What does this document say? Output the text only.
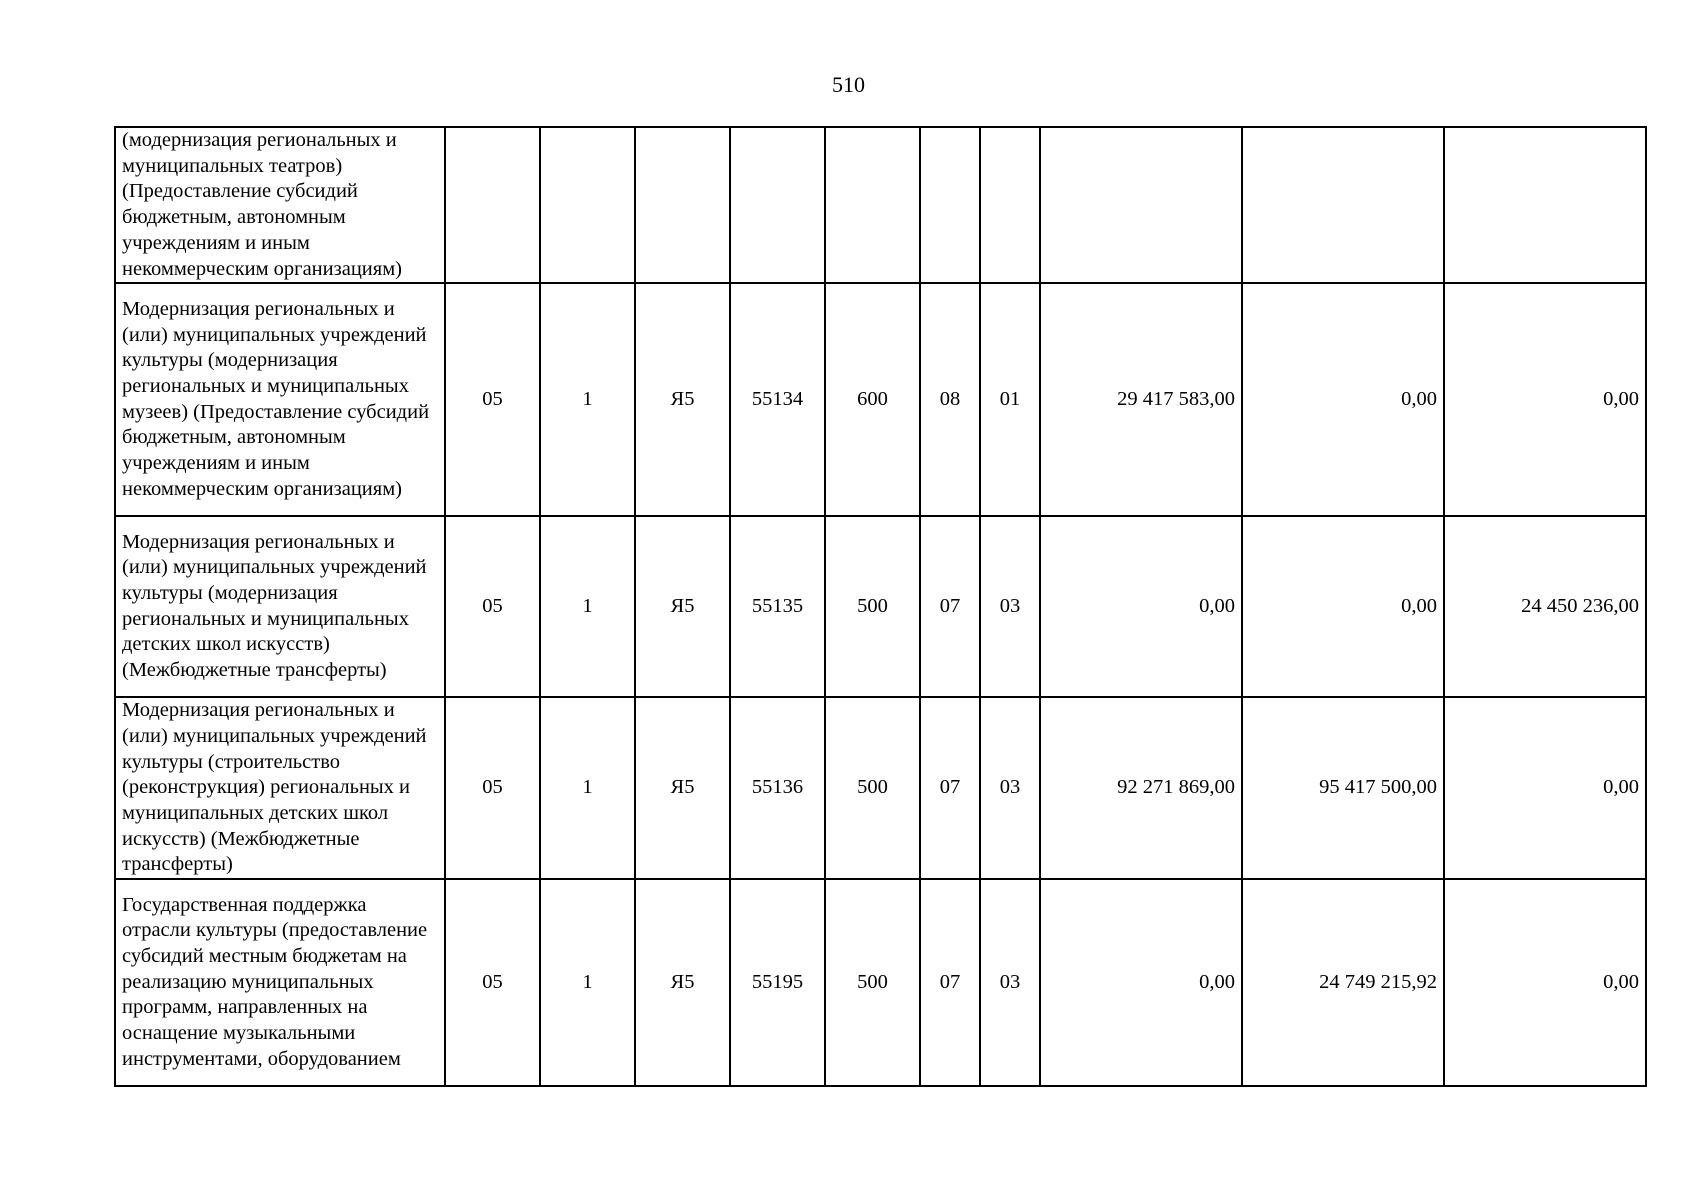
510
(модернизация региональных и муниципальных театров) (Предоставление субсидий бюджетным, автономным учреждениям и иным некоммерческим организациям)										
Модернизация региональных и (или) муниципальных учреждений культуры (модернизация региональных и муниципальных музеев) (Предоставление субсидий бюджетным, автономным учреждениям и иным некоммерческим организациям)	05	1	Я5	55134	600	08	01	29 417 583,00	0,00	0,00
Модернизация региональных и (или) муниципальных учреждений культуры (модернизация региональных и муниципальных детских школ искусств) (Межбюджетные трансферты)	05	1	Я5	55135	500	07	03	0,00	0,00	24 450 236,00
Модернизация региональных и (или) муниципальных учреждений культуры (строительство (реконструкция) региональных и муниципальных детских школ искусств) (Межбюджетные трансферты)	05	1	Я5	55136	500	07	03	92 271 869,00	95 417 500,00	0,00
Государственная поддержка отрасли культуры (предоставление субсидий местным бюджетам на реализацию муниципальных программ, направленных на оснащение музыкальными инструментами, оборудованием	05	1	Я5	55195	500	07	03	0,00	24 749 215,92	0,00
